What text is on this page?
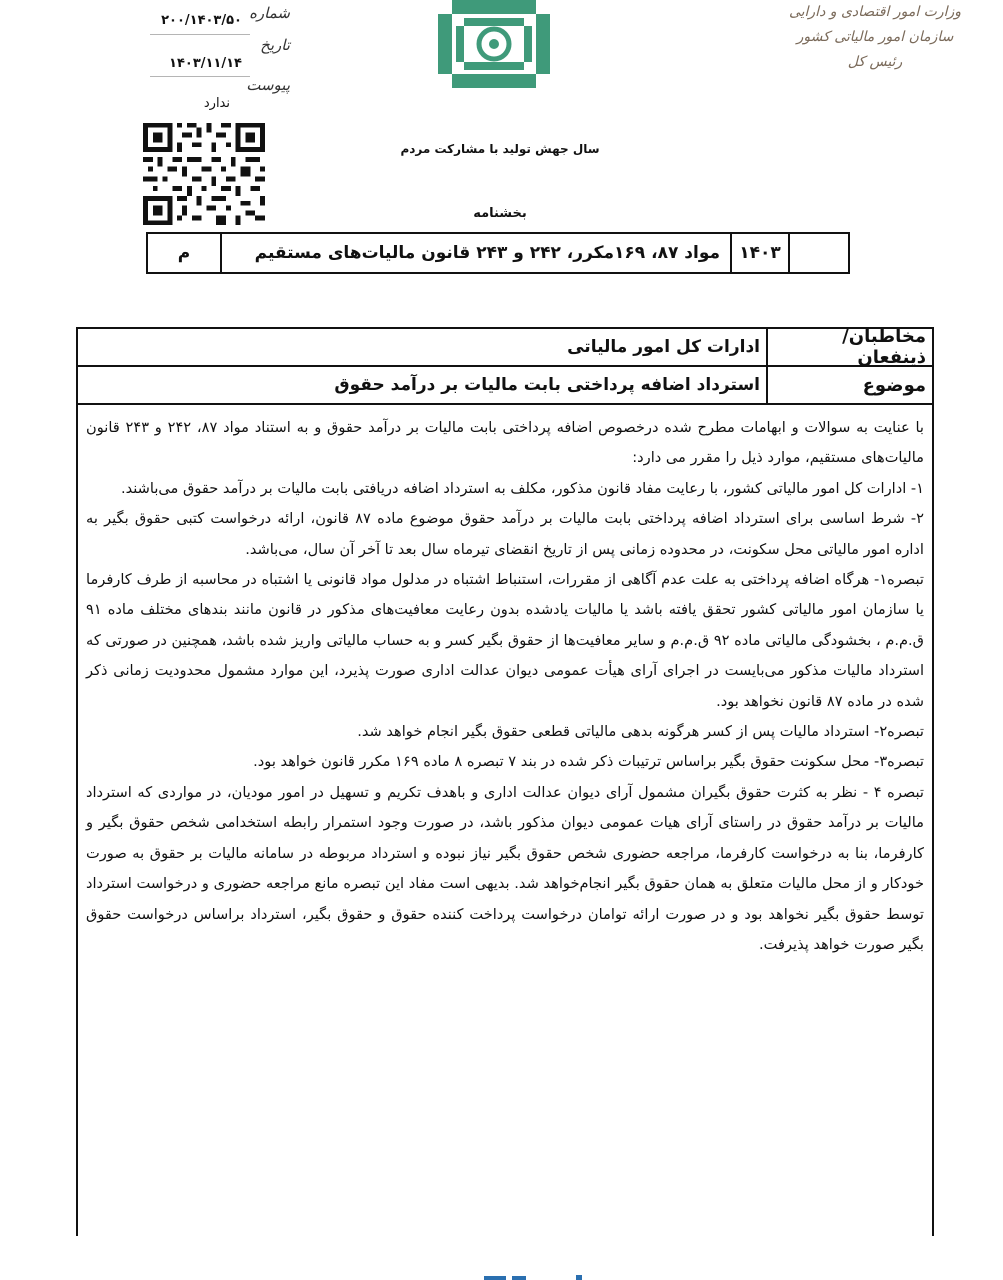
شماره
۲۰۰/۱۴۰۳/۵۰
تاریخ
۱۴۰۳/۱۱/۱۴
پیوست
ندارد
وزارت امور اقتصادی و دارایی
سازمان امور مالیاتی کشور
رئیس کل
سال جهش تولید با مشارکت مردم
بخشنامه
۱۴۰۳
مواد ۸۷، ۱۶۹مکرر، ۲۴۲ و ۲۴۳ قانون مالیات‌های مستقیم
م
مخاطبان/ ذینفعان
ادارات کل امور مالیاتی
موضوع
استرداد اضافه پرداختی بابت مالیات بر درآمد حقوق

با عنایت به سوالات و ابهامات مطرح شده درخصوص اضافه پرداختی بابت مالیات بر درآمد حقوق و به استناد مواد ۸۷، ۲۴۲ و ۲۴۳ قانون مالیات‌های مستقیم، موارد ذیل را مقرر می دارد:

۱- ادارات کل امور مالیاتی کشور، با رعایت مفاد قانون مذکور، مکلف به استرداد اضافه دریافتی بابت مالیات بر درآمد حقوق می‌باشند.

۲- شرط اساسی برای استرداد اضافه پرداختی بابت مالیات بر درآمد حقوق موضوع ماده ۸۷ قانون، ارائه درخواست کتبی حقوق بگیر به اداره امور مالیاتی محل سکونت، در محدوده زمانی پس از تاریخ انقضای تیرماه سال بعد تا آخر آن سال، می‌باشد.

تبصره۱- هرگاه اضافه پرداختی به علت عدم آگاهی از مقررات، استنباط اشتباه در مدلول مواد قانونی یا اشتباه در محاسبه از طرف کارفرما یا سازمان امور مالیاتی کشور تحقق یافته باشد یا مالیات یادشده بدون رعایت معافیت‌های مذکور در قانون مانند بندهای مختلف ماده ۹۱ ق.م.م ، بخشودگی مالیاتی ماده ۹۲ ق.م.م و سایر معافیت‌ها از حقوق بگیر کسر و به حساب مالیاتی واریز شده باشد، همچنین در صورتی که استرداد مالیات مذکور می‌بایست در اجرای آرای هیأت عمومی دیوان عدالت اداری صورت پذیرد، این موارد مشمول محدودیت زمانی ذکر شده در ماده ۸۷ قانون نخواهد بود.

تبصره۲- استرداد مالیات پس از کسر هرگونه بدهی مالیاتی قطعی حقوق بگیر انجام خواهد شد.

تبصره۳- محل سکونت حقوق بگیر براساس ترتیبات ذکر شده در بند ۷ تبصره ۸ ماده ۱۶۹ مکرر قانون خواهد بود.

تبصره ۴ - نظر به کثرت حقوق بگیران مشمول آرای دیوان عدالت اداری و باهدف تکریم و تسهیل در امور مودیان، در مواردی که استرداد مالیات بر درآمد حقوق در راستای آرای هیات عمومی دیوان مذکور باشد، در صورت وجود استمرار رابطه استخدامی شخص حقوق بگیر و کارفرما، بنا به درخواست کارفرما، مراجعه حضوری شخص حقوق بگیر نیاز نبوده و استرداد مربوطه در سامانه مالیات بر حقوق به صورت خودکار و از محل مالیات متعلق به همان حقوق بگیر انجام‌خواهد شد. بدیهی است مفاد این تبصره مانع مراجعه حضوری و درخواست استرداد توسط حقوق بگیر نخواهد بود و در صورت ارائه توامان درخواست پرداخت کننده حقوق و حقوق بگیر، استرداد براساس درخواست حقوق بگیر صورت خواهد پذیرفت.
